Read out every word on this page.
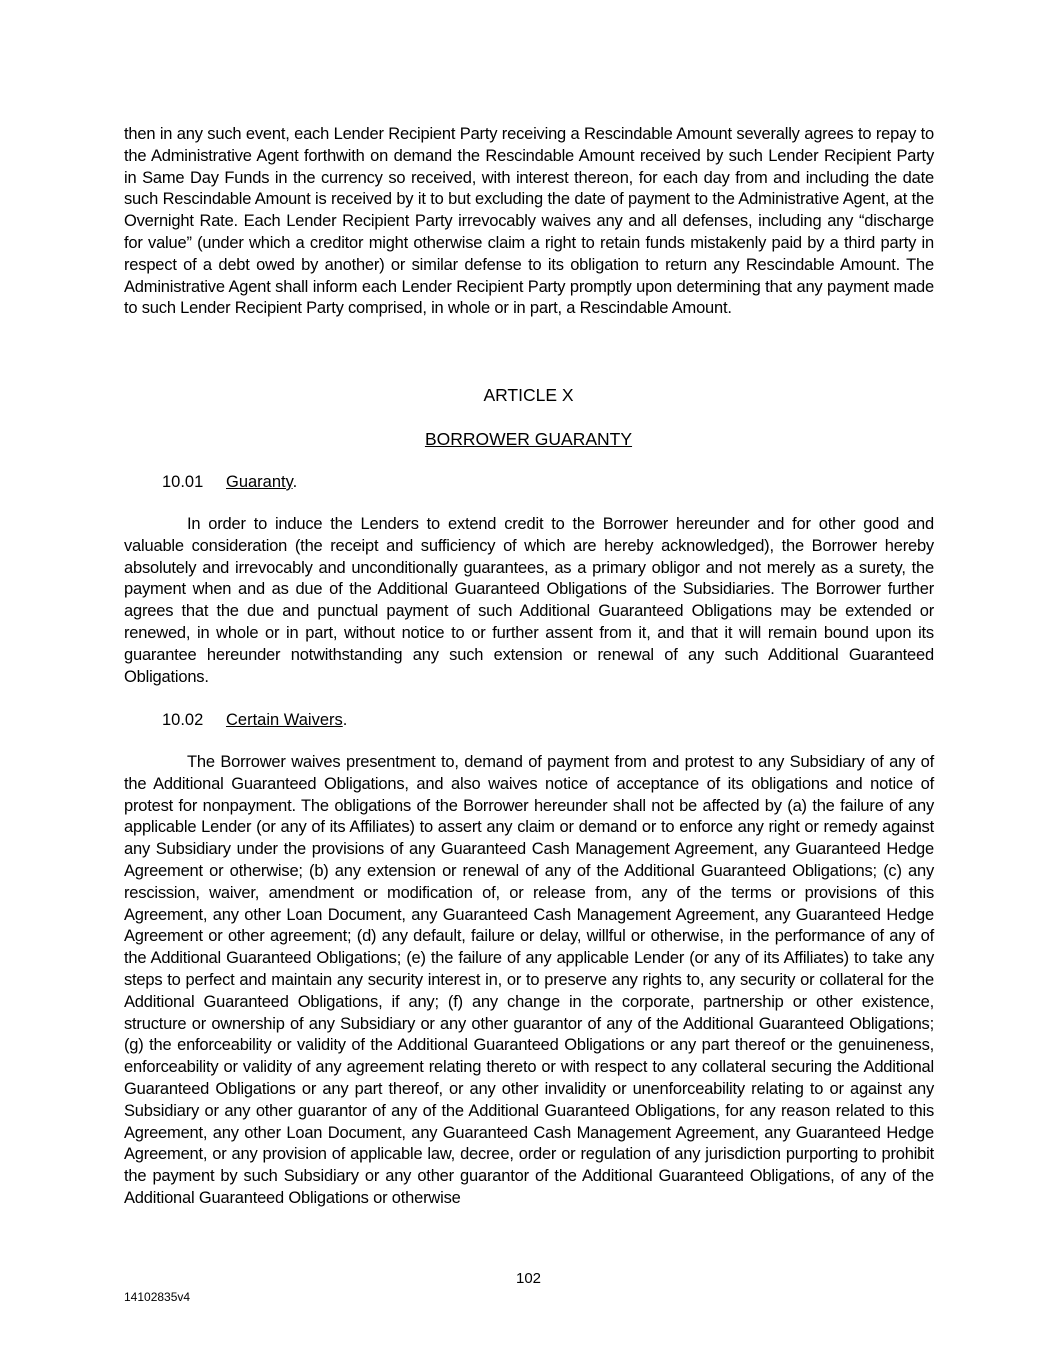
then in any such event, each Lender Recipient Party receiving a Rescindable Amount severally agrees to repay to the Administrative Agent forthwith on demand the Rescindable Amount received by such Lender Recipient Party in Same Day Funds in the currency so received, with interest thereon, for each day from and including the date such Rescindable Amount is received by it to but excluding the date of payment to the Administrative Agent, at the Overnight Rate. Each Lender Recipient Party irrevocably waives any and all defenses, including any “discharge for value” (under which a creditor might otherwise claim a right to retain funds mistakenly paid by a third party in respect of a debt owed by another) or similar defense to its obligation to return any Rescindable Amount. The Administrative Agent shall inform each Lender Recipient Party promptly upon determining that any payment made to such Lender Recipient Party comprised, in whole or in part, a Rescindable Amount.

ARTICLE X
BORROWER GUARANTY
10.01 Guaranty.

In order to induce the Lenders to extend credit to the Borrower hereunder and for other good and valuable consideration (the receipt and sufficiency of which are hereby acknowledged), the Borrower hereby absolutely and irrevocably and unconditionally guarantees, as a primary obligor and not merely as a surety, the payment when and as due of the Additional Guaranteed Obligations of the Subsidiaries. The Borrower further agrees that the due and punctual payment of such Additional Guaranteed Obligations may be extended or renewed, in whole or in part, without notice to or further assent from it, and that it will remain bound upon its guarantee hereunder notwithstanding any such extension or renewal of any such Additional Guaranteed Obligations.

10.02 Certain Waivers.

The Borrower waives presentment to, demand of payment from and protest to any Subsidiary of any of the Additional Guaranteed Obligations, and also waives notice of acceptance of its obligations and notice of protest for nonpayment. The obligations of the Borrower hereunder shall not be affected by (a) the failure of any applicable Lender (or any of its Affiliates) to assert any claim or demand or to enforce any right or remedy against any Subsidiary under the provisions of any Guaranteed Cash Management Agreement, any Guaranteed Hedge Agreement or otherwise; (b) any extension or renewal of any of the Additional Guaranteed Obligations; (c) any rescission, waiver, amendment or modification of, or release from, any of the terms or provisions of this Agreement, any other Loan Document, any Guaranteed Cash Management Agreement, any Guaranteed Hedge Agreement or other agreement; (d) any default, failure or delay, willful or otherwise, in the performance of any of the Additional Guaranteed Obligations; (e) the failure of any applicable Lender (or any of its Affiliates) to take any steps to perfect and maintain any security interest in, or to preserve any rights to, any security or collateral for the Additional Guaranteed Obligations, if any; (f) any change in the corporate, partnership or other existence, structure or ownership of any Subsidiary or any other guarantor of any of the Additional Guaranteed Obligations; (g) the enforceability or validity of the Additional Guaranteed Obligations or any part thereof or the genuineness, enforceability or validity of any agreement relating thereto or with respect to any collateral securing the Additional Guaranteed Obligations or any part thereof, or any other invalidity or unenforceability relating to or against any Subsidiary or any other guarantor of any of the Additional Guaranteed Obligations, for any reason related to this Agreement, any other Loan Document, any Guaranteed Cash Management Agreement, any Guaranteed Hedge Agreement, or any provision of applicable law, decree, order or regulation of any jurisdiction purporting to prohibit the payment by such Subsidiary or any other guarantor of the Additional Guaranteed Obligations, of any of the Additional Guaranteed Obligations or otherwise

102
14102835v4
